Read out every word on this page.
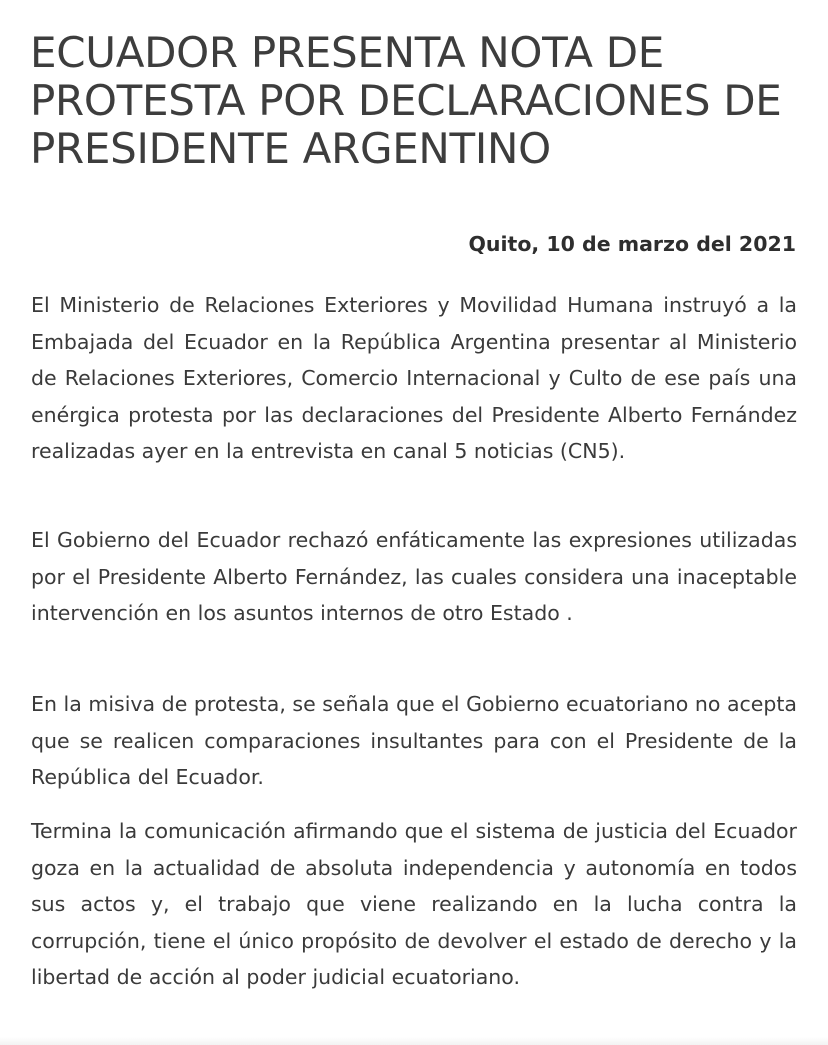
ECUADOR PRESENTA NOTA DE PROTESTA POR DECLARACIONES DE PRESIDENTE ARGENTINO

Quito, 10 de marzo del 2021

El Ministerio de Relaciones Exteriores y Movilidad Humana instruyó a la Embajada del Ecuador en la República Argentina presentar al Ministerio de Relaciones Exteriores, Comercio Internacional y Culto de ese país una enérgica protesta por las declaraciones del Presidente Alberto Fernández realizadas ayer en la entrevista en canal 5 noticias (CN5).

El Gobierno del Ecuador rechazó enfáticamente las expresiones utilizadas por el Presidente Alberto Fernández, las cuales considera una inaceptable intervención en los asuntos internos de otro Estado .

En la misiva de protesta, se señala que el Gobierno ecuatoriano no acepta que se realicen comparaciones insultantes para con el Presidente de la República del Ecuador.

Termina la comunicación afirmando que el sistema de justicia del Ecuador goza en la actualidad de absoluta independencia y autonomía en todos sus actos y, el trabajo que viene realizando en la lucha contra la corrupción, tiene el único propósito de devolver el estado de derecho y la libertad de acción al poder judicial ecuatoriano.
